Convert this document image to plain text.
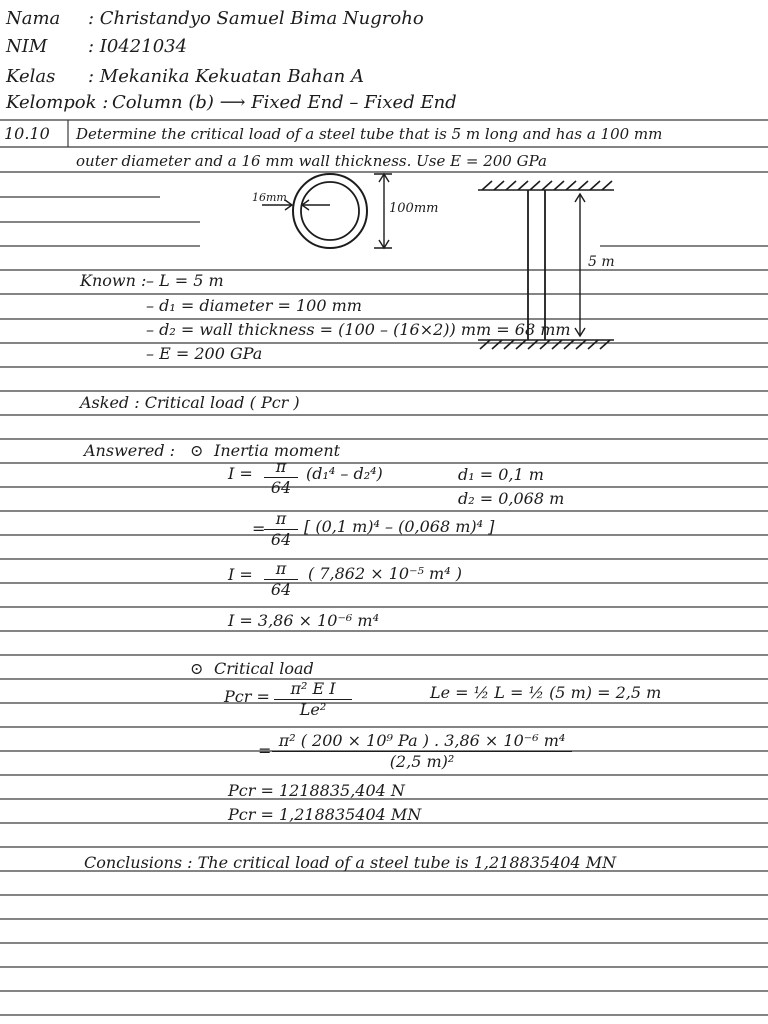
Nama : Christandyo Samuel Bima Nugroho
NIM : I0421034
Kelas : Mekanika Kekuatan Bahan A
Kelompok : Column (b) ⟶ Fixed End – Fixed End
10.10 Determine the critical load of a steel tube that is 5 m long and has a 100 mm
outer diameter and a 16 mm wall thickness. Use E = 200 GPa
16mm
100mm
5 m
Known : – L = 5 m
– d₁ = diameter = 100 mm
– d₂ = wall thickness = (100 – (16×2)) mm = 68 mm
– E = 200 GPa
Asked : Critical load ( Pcr )
Answered : ⊙ Inertia moment
$I = \frac{\pi}{64} (d_1^4 - d_2^4)$	d₁ = 0,1 m
d₂ = 0,068 m
=
$\frac{\pi}{64}$ [ (0,1 m)⁴ – (0,068 m)⁴ ]
$I = \frac{\pi}{64}$ ( 7,862 × 10⁻⁵ m⁴ )
I = 3,86 × 10⁻⁶ m⁴
⊙ Critical load
Pcr = $\frac{\text{π² E I}}{\text{Le²}}$	Le = ½ L = ½ (5 m) = 2,5 m
= $\frac{\text{π² ( 200 × 10⁹ Pa ) . 3,86 × 10⁻⁶ m⁴}}{\text{(2,5 m)²}}$
Pcr = 1218835,404 N
Pcr = 1,218835404 MN
Conclusions : The critical load of a steel tube is 1,218835404 MN
